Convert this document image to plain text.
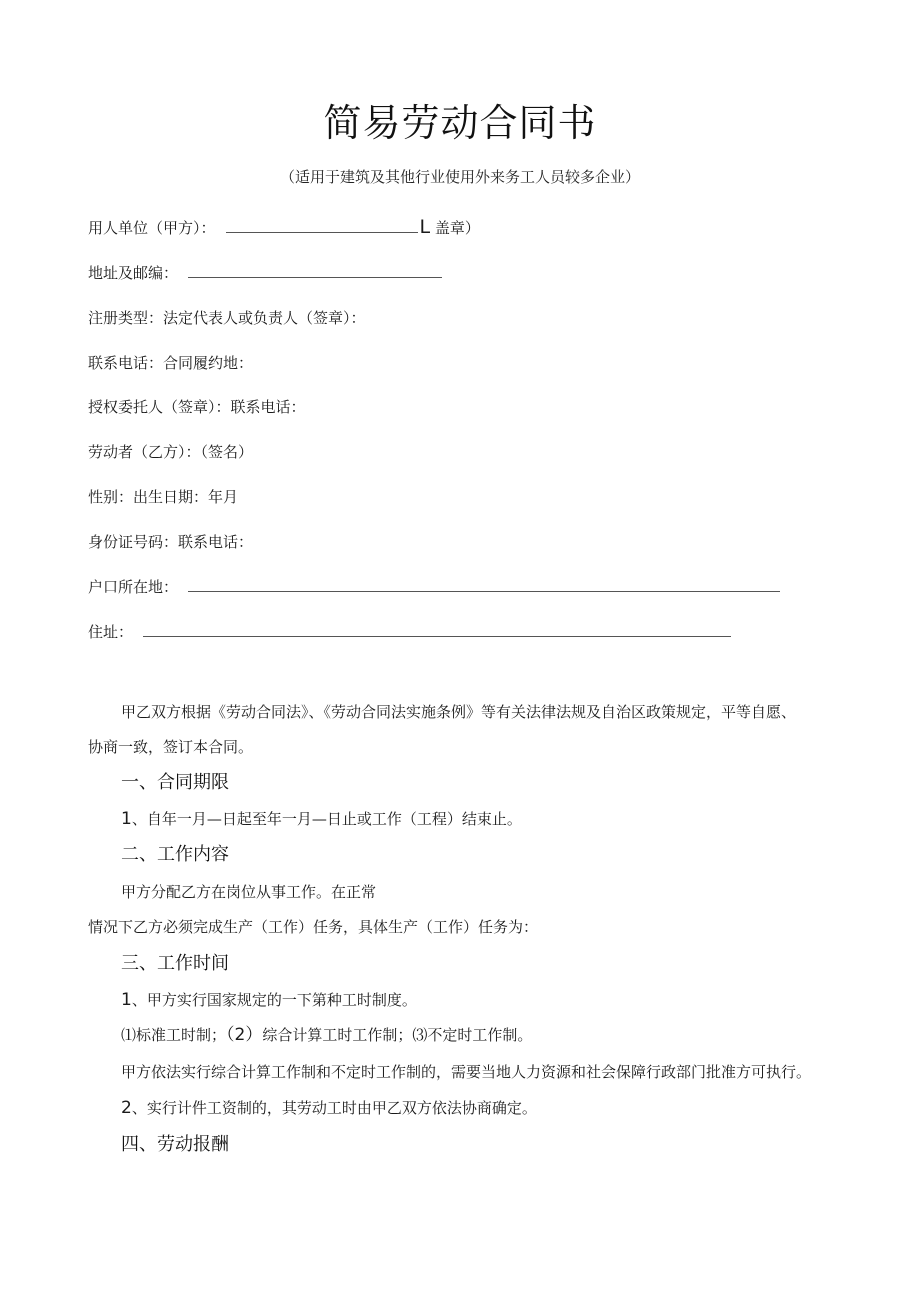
简易劳动合同书
（适用于建筑及其他行业使用外来务工人员较多企业）
用人单位（甲方）：	L 盖章）
地址及邮编：
注册类型：法定代表人或负责人（签章）：
联系电话：合同履约地：
授权委托人（签章）：联系电话：
劳动者（乙方）：（签名）
性别：出生日期：年月
身份证号码：联系电话：
户口所在地：
住址：
甲乙双方根据《劳动合同法》、《劳动合同法实施条例》等有关法律法规及自治区政策规定，平等自愿、
协商一致，签订本合同。
一、合同期限
1、自年一月—日起至年一月—日止或工作（工程）结束止。
二、工作内容
甲方分配乙方在岗位从事工作。在正常
情况下乙方必须完成生产（工作）任务，具体生产（工作）任务为：
三、工作时间
1、甲方实行国家规定的一下第种工时制度。
⑴标准工时制；（2）综合计算工时工作制；⑶不定时工作制。
甲方依法实行综合计算工作制和不定时工作制的，需要当地人力资源和社会保障行政部门批准方可执行。
2、实行计件工资制的，其劳动工时由甲乙双方依法协商确定。
四、劳动报酬
